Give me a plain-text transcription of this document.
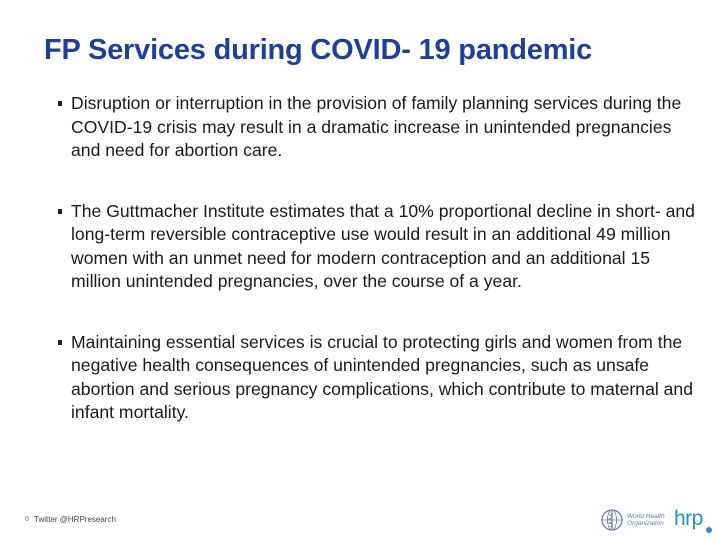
FP Services during COVID- 19 pandemic
Disruption or interruption in the provision of family planning services during the COVID-19 crisis may result in a dramatic increase in unintended pregnancies and need for abortion care.
The Guttmacher Institute estimates that a 10% proportional decline in short- and long-term reversible contraceptive use would result in an additional 49 million women with an unmet need for modern contraception and an additional 15 million unintended pregnancies, over the course of a year.
Maintaining essential services is crucial to protecting girls and women from the negative health consequences of unintended pregnancies, such as unsafe abortion and serious pregnancy complications, which contribute to maternal and infant mortality.
6 Twitter @HRPresearch	World Health
Organization hrp
